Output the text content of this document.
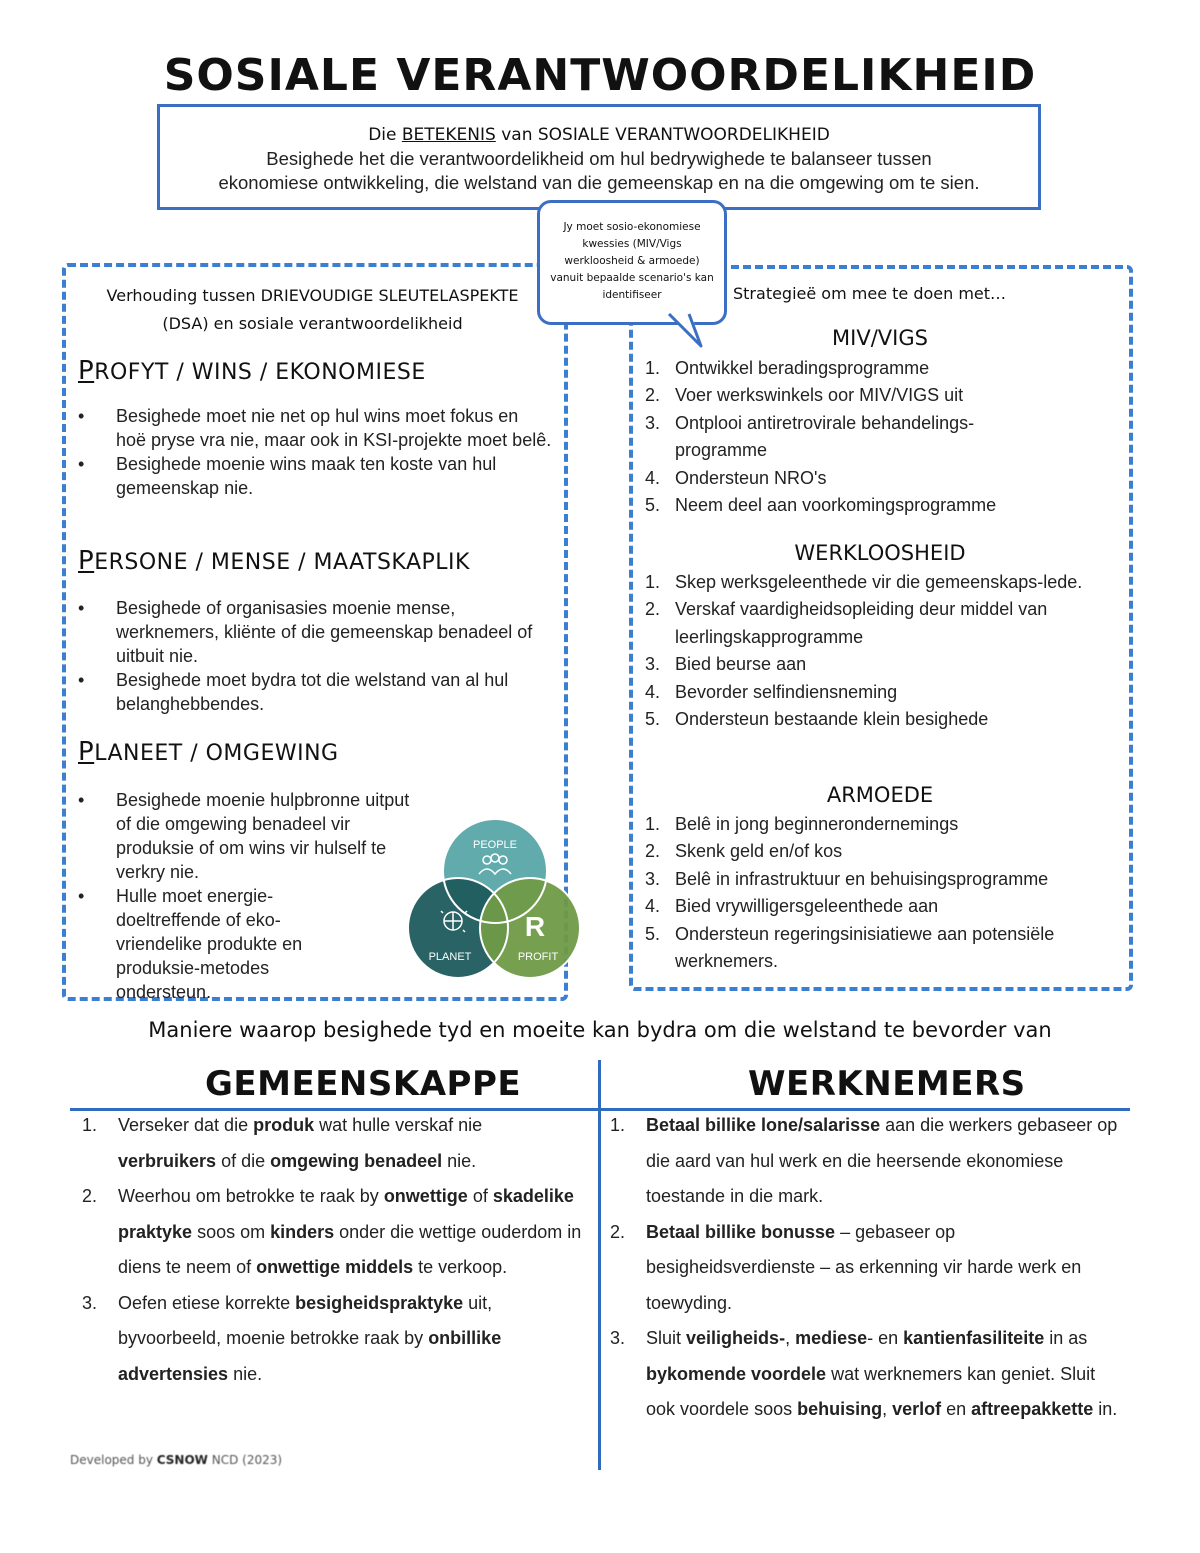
SOSIALE VERANTWOORDELIKHEID
Die BETEKENIS van SOSIALE VERANTWOORDELIKHEID
Besighede het die verantwoordelikheid om hul bedrywighede te balanseer tussen
ekonomiese ontwikkeling, die welstand van die gemeenskap en na die omgewing om te sien.
Jy moet sosio-ekonomiese
kwessies (MIV/Vigs
werkloosheid & armoede)
vanuit bepaalde scenario's kan
identifiseer
Verhouding tussen DRIEVOUDIGE SLEUTELASPEKTE
(DSA) en sosiale verantwoordelikheid
PROFYT / WINS / EKONOMIESE
• Besighede moet nie net op hul wins moet fokus en hoë pryse vra nie, maar ook in KSI-projekte moet belê.
• Besighede moenie wins maak ten koste van hul gemeenskap nie.
PERSONE / MENSE / MAATSKAPLIK
• Besighede of organisasies moenie mense, werknemers, kliënte of die gemeenskap benadeel of uitbuit nie.
• Besighede moet bydra tot die welstand van al hul belanghebbendes.
PLANEET / OMGEWING
• Besighede moenie hulpbronne uitput of die omgewing benadeel vir produksie of om wins vir hulself te verkry nie.
• Hulle moet energie-doeltreffende of eko-vriendelike produkte en produksie-metodes ondersteun.
PEOPLE
PLANET
R
PROFIT
Strategieë om mee te doen met…
MIV/VIGS
1. Ontwikkel beradingsprogramme
2. Voer werkswinkels oor MIV/VIGS uit
3. Ontplooi antiretrovirale behandelings-programme
4. Ondersteun NRO's
5. Neem deel aan voorkomingsprogramme
WERKLOOSHEID
1. Skep werksgeleenthede vir die gemeenskaps-lede.
2. Verskaf vaardigheidsopleiding deur middel van leerlingskapprogramme
3. Bied beurse aan
4. Bevorder selfindiensneming
5. Ondersteun bestaande klein besighede
ARMOEDE
1. Belê in jong beginnerondernemings
2. Skenk geld en/of kos
3. Belê in infrastruktuur en behuisingsprogramme
4. Bied vrywilligersgeleenthede aan
5. Ondersteun regeringsinisiatiewe aan potensiële werknemers.
Maniere waarop besighede tyd en moeite kan bydra om die welstand te bevorder van
GEMEENSKAPPE	WERKNEMERS
1. Verseker dat die produk wat hulle verskaf nie verbruikers of die omgewing benadeel nie.
2. Weerhou om betrokke te raak by onwettige of skadelike praktyke soos om kinders onder die wettige ouderdom in diens te neem of onwettige middels te verkoop.
3. Oefen etiese korrekte besigheidspraktyke uit, byvoorbeeld, moenie betrokke raak by onbillike advertensies nie.
1. Betaal billike lone/salarisse aan die werkers gebaseer op die aard van hul werk en die heersende ekonomiese toestande in die mark.
2. Betaal billike bonusse – gebaseer op besigheidsverdienste – as erkenning vir harde werk en toewyding.
3. Sluit veiligheids-, mediese- en kantienfasiliteite in as bykomende voordele wat werknemers kan geniet. Sluit ook voordele soos behuising, verlof en aftreepakkette in.
Developed by CSNOW NCD (2023)
